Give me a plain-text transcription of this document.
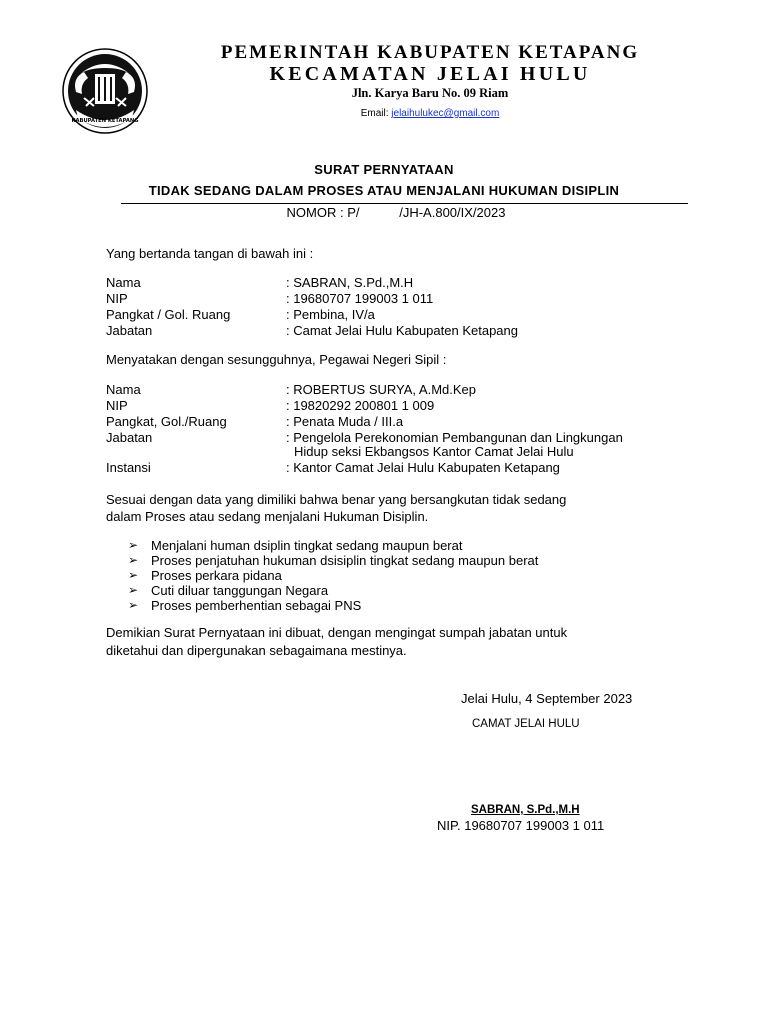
KABUPATEN KETAPANG
PEMERINTAH KABUPATEN KETAPANG
KECAMATAN JELAI HULU
Jln. Karya Baru No. 09 Riam
Email: jelaihulukec@gmail.com
SURAT PERNYATAAN
TIDAK SEDANG DALAM PROSES ATAU MENJALANI HUKUMAN DISIPLIN
NOMOR : P/           /JH-A.800/IX/2023
Yang bertanda tangan di bawah ini :
Nama	: SABRAN, S.Pd.,M.H
NIP	: 19680707 199003 1 011
Pangkat / Gol. Ruang	: Pembina, IV/a
Jabatan	: Camat Jelai Hulu Kabupaten Ketapang
Menyatakan dengan sesungguhnya, Pegawai Negeri Sipil :
Nama	: ROBERTUS SURYA, A.Md.Kep
NIP	: 19820292 200801 1 009
Pangkat, Gol./Ruang	: Penata Muda / III.a
Jabatan	: Pengelola Perekonomian Pembangunan dan Lingkungan
Hidup seksi Ekbangsos Kantor Camat Jelai Hulu
Instansi	: Kantor Camat Jelai Hulu Kabupaten Ketapang
Sesuai dengan data yang dimiliki bahwa benar yang bersangkutan tidak sedang
dalam Proses atau sedang menjalani Hukuman Disiplin.
➢ Menjalani human dsiplin tingkat sedang maupun berat
➢ Proses penjatuhan hukuman dsisiplin tingkat sedang maupun berat
➢ Proses perkara pidana
➢ Cuti diluar tanggungan Negara
➢ Proses pemberhentian sebagai PNS
Demikian Surat Pernyataan ini dibuat, dengan mengingat sumpah jabatan untuk
diketahui dan dipergunakan sebagaimana mestinya.
Jelai Hulu, 4 September 2023
CAMAT JELAI HULU
SABRAN, S.Pd.,M.H
NIP. 19680707 199003 1 011
